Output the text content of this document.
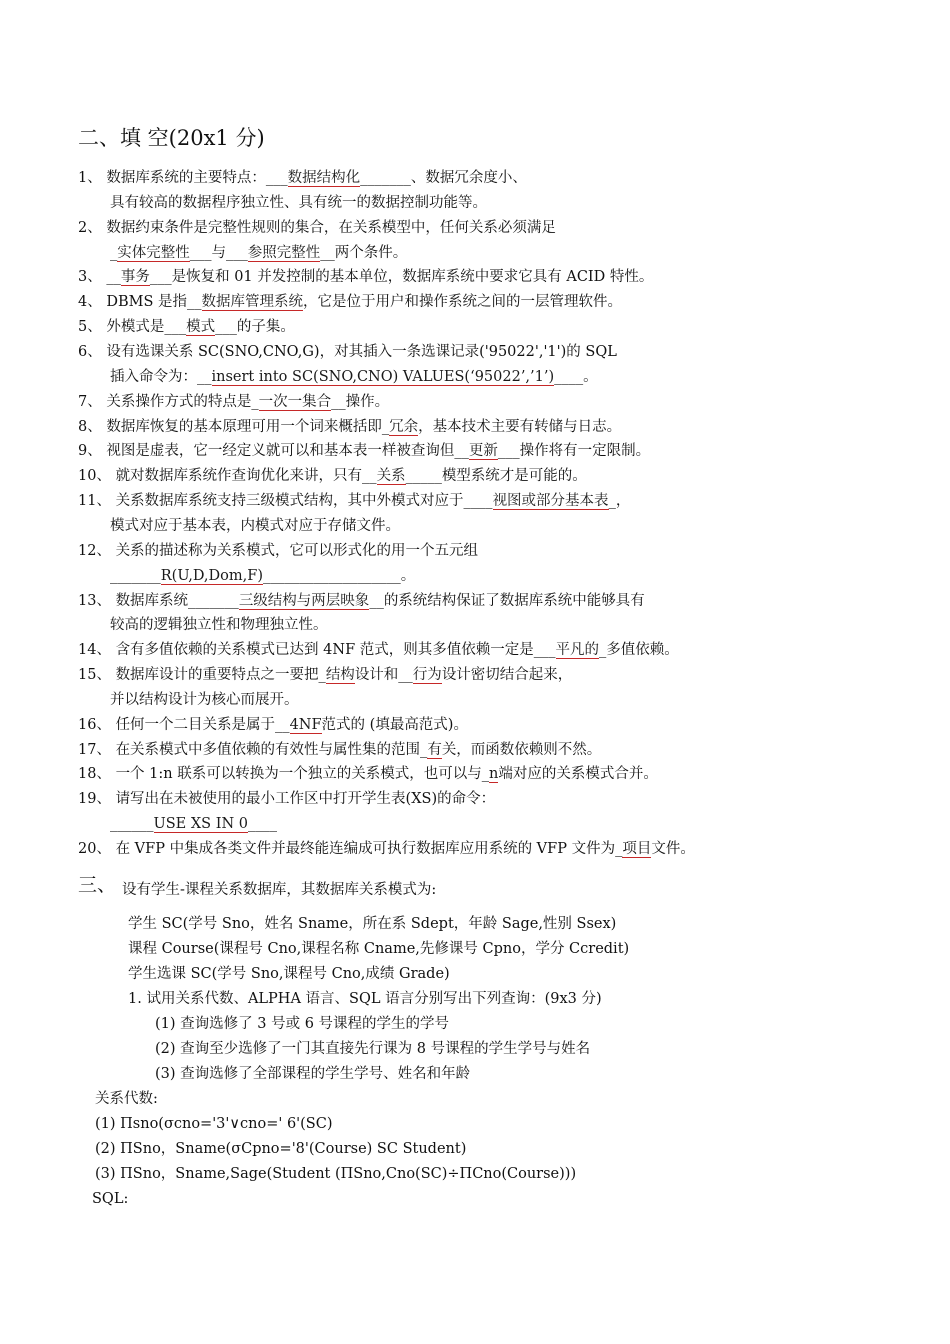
二、填 空(20x1 分)
1、 数据库系统的主要特点：___数据结构化_______、数据冗余度小、
具有较高的数据程序独立性、具有统一的数据控制功能等。
2、 数据约束条件是完整性规则的集合，在关系模型中，任何关系必须满足
_实体完整性___与___参照完整性__两个条件。
3、 __事务___是恢复和 01 并发控制的基本单位，数据库系统中要求它具有 ACID 特性。
4、 DBMS 是指__数据库管理系统，它是位于用户和操作系统之间的一层管理软件。
5、 外模式是___模式___的子集。
6、 设有选课关系 SC(SNO,CNO,G)，对其插入一条选课记录('95022','1')的 SQL
插入命令为：__insert into SC(SNO,CNO) VALUES(‘95022’,’1’)____。
7、 关系操作方式的特点是_一次一集合__操作。
8、 数据库恢复的基本原理可用一个词来概括即_冗余，基本技术主要有转储与日志。
9、 视图是虚表，它一经定义就可以和基本表一样被查询但__更新___操作将有一定限制。
10、 就对数据库系统作查询优化来讲，只有__关系_____模型系统才是可能的。
11、 关系数据库系统支持三级模式结构，其中外模式对应于____视图或部分基本表_，
模式对应于基本表，内模式对应于存储文件。
12、 关系的描述称为关系模式，它可以形式化的用一个五元组
_______R(U,D,Dom,F)___________________。
13、 数据库系统_______三级结构与两层映象__的系统结构保证了数据库系统中能够具有
较高的逻辑独立性和物理独立性。
14、 含有多值依赖的关系模式已达到 4NF 范式，则其多值依赖一定是___平凡的_多值依赖。
15、 数据库设计的重要特点之一要把_结构设计和__行为设计密切结合起来，
并以结构设计为核心而展开。
16、 任何一个二目关系是属于__4NF范式的 (填最高范式)。
17、 在关系模式中多值依赖的有效性与属性集的范围_有关，而函数依赖则不然。
18、 一个 1:n 联系可以转换为一个独立的关系模式，也可以与_n端对应的关系模式合并。
19、 请写出在未被使用的最小工作区中打开学生表(XS)的命令：
______USE XS IN 0____
20、 在 VFP 中集成各类文件并最终能连编成可执行数据库应用系统的 VFP 文件为_项目文件。
三、 设有学生-课程关系数据库，其数据库关系模式为:
学生 SC(学号 Sno，姓名 Sname，所在系 Sdept，年龄 Sage,性别 Ssex)
课程 Course(课程号 Cno,课程名称 Cname,先修课号 Cpno，学分 Ccredit)
学生选课 SC(学号 Sno,课程号 Cno,成绩 Grade)
1. 试用关系代数、ALPHA 语言、SQL 语言分别写出下列查询：(9x3 分)
(1) 查询选修了 3 号或 6 号课程的学生的学号
(2) 查询至少选修了一门其直接先行课为 8 号课程的学生学号与姓名
(3) 查询选修了全部课程的学生学号、姓名和年龄
关系代数:
(1) Πsno(σcno='3'∨cno=' 6'(SC)
(2) ΠSno，Sname(σCpno='8'(Course) SC Student)
(3) ΠSno，Sname,Sage(Student (ΠSno,Cno(SC)÷ΠCno(Course)))
SQL:
